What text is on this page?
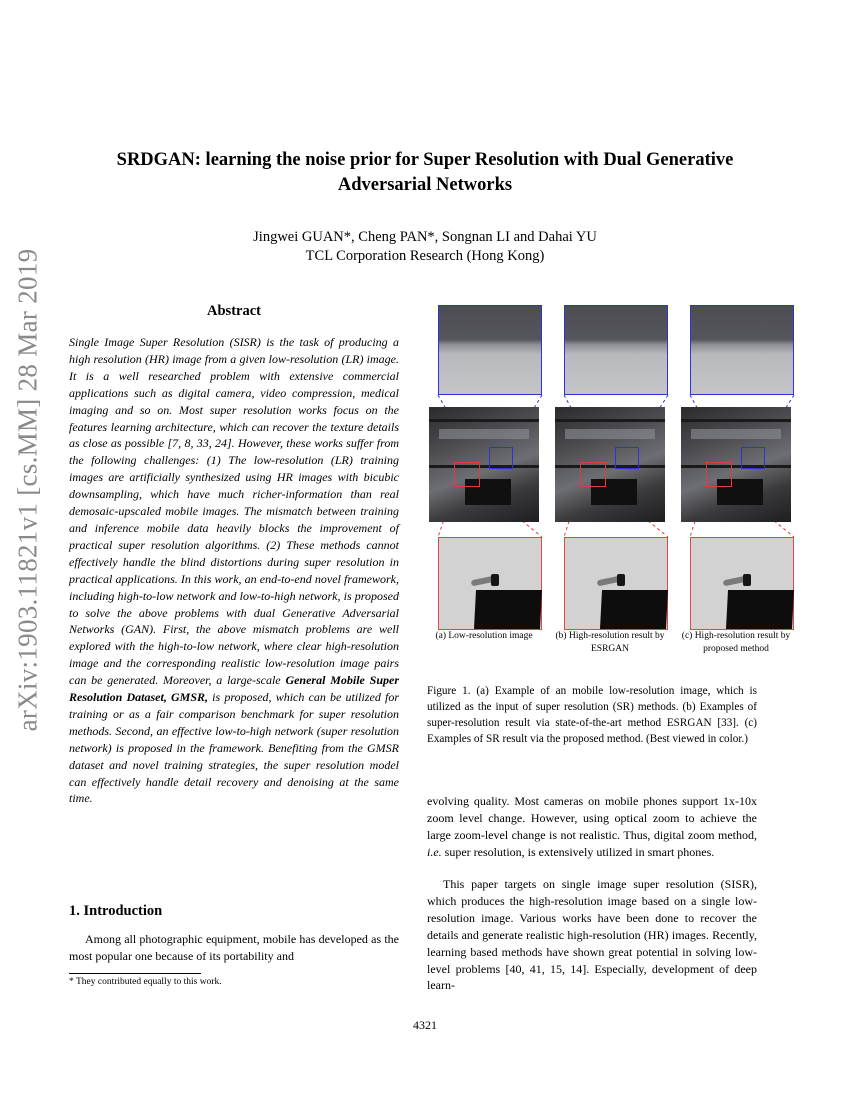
arXiv:1903.11821v1 [cs.MM] 28 Mar 2019
SRDGAN: learning the noise prior for Super Resolution with Dual Generative
Adversarial Networks
Jingwei GUAN*, Cheng PAN*, Songnan LI and Dahai YU
TCL Corporation Research (Hong Kong)
Abstract

Single Image Super Resolution (SISR) is the task of producing a high resolution (HR) image from a given low-resolution (LR) image. It is a well researched problem with extensive commercial applications such as digital camera, video compression, medical imaging and so on. Most super resolution works focus on the features learning architecture, which can recover the texture details as close as possible [7, 8, 33, 24]. However, these works suffer from the following challenges: (1) The low-resolution (LR) training images are artificially synthesized using HR images with bicubic downsampling, which have much richer-information than real demosaic-upscaled mobile images. The mismatch between training and inference mobile data heavily blocks the improvement of practical super resolution algorithms. (2) These methods cannot effectively handle the blind distortions during super resolution in practical applications. In this work, an end-to-end novel framework, including high-to-low network and low-to-high network, is proposed to solve the above problems with dual Generative Adversarial Networks (GAN). First, the above mismatch problems are well explored with the high-to-low network, where clear high-resolution image and the corresponding realistic low-resolution image pairs can be generated. Moreover, a large-scale General Mobile Super Resolution Dataset, GMSR, is proposed, which can be utilized for training or as a fair comparison benchmark for super resolution methods. Second, an effective low-to-high network (super resolution network) is proposed in the framework. Benefiting from the GMSR dataset and novel training strategies, the super resolution model can effectively handle detail recovery and denoising at the same time.

1. Introduction

Among all photographic equipment, mobile has developed as the most popular one because of its portability and

* They contributed equally to this work.
(a) Low-resolution image	(b) High-resolution result by ESRGAN
(c) High-resolution result by proposed method

Figure 1. (a) Example of an mobile low-resolution image, which is utilized as the input of super resolution (SR) methods. (b) Examples of super-resolution result via state-of-the-art method ESRGAN [33]. (c) Examples of SR result via the proposed method. (Best viewed in color.)

evolving quality. Most cameras on mobile phones support 1x-10x zoom level change. However, using optical zoom to achieve the large zoom-level change is not realistic. Thus, digital zoom method, i.e. super resolution, is extensively utilized in smart phones.

This paper targets on single image super resolution (SISR), which produces the high-resolution image based on a single low-resolution image. Various works have been done to recover the details and generate realistic high-resolution (HR) images. Recently, learning based methods have shown great potential in solving low-level problems [40, 41, 15, 14]. Especially, development of deep learn-

4321
